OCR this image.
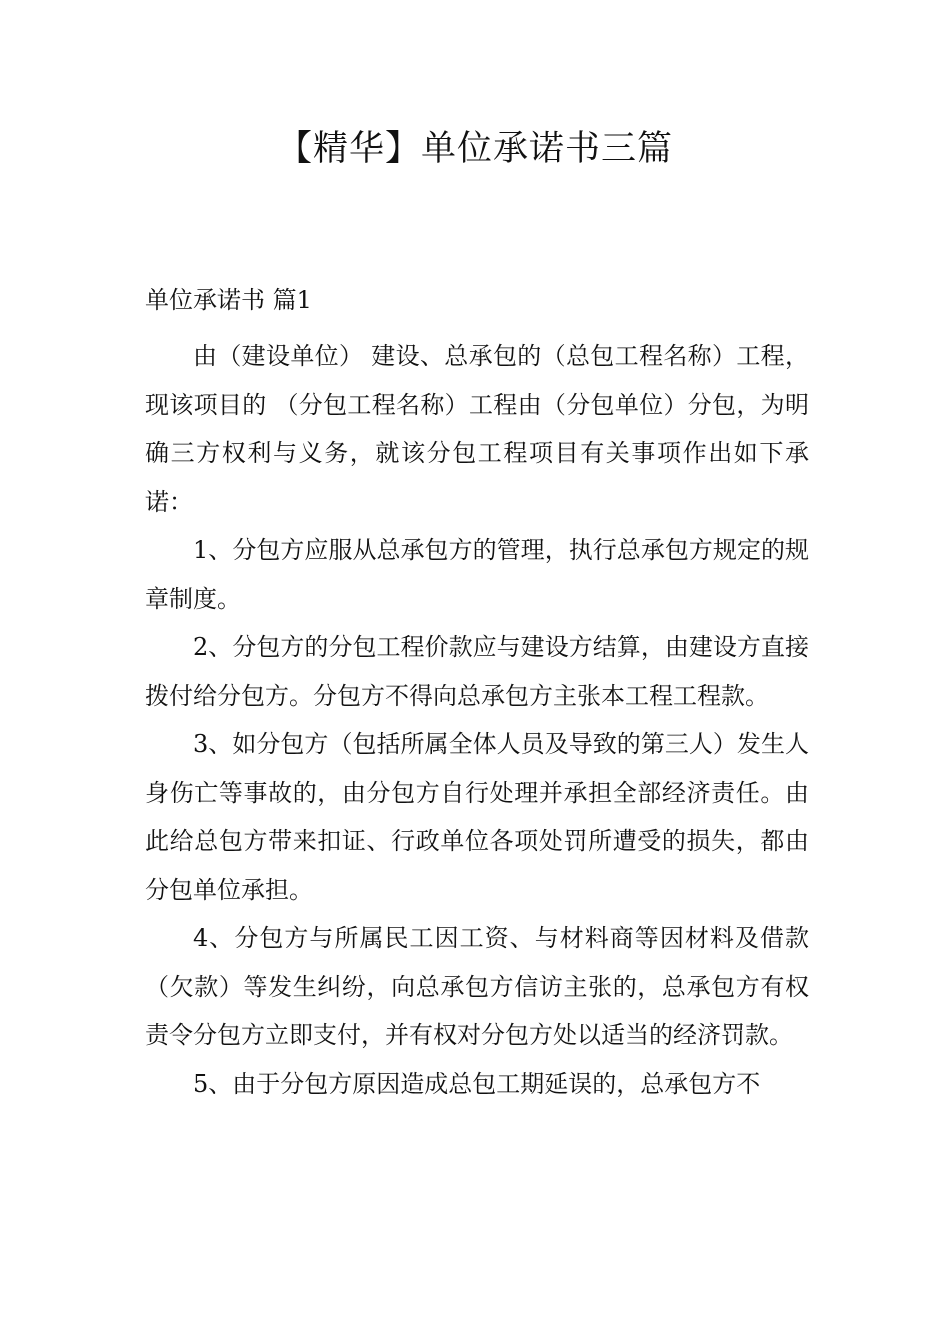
【精华】单位承诺书三篇
单位承诺书 篇1

由（建设单位） 建设、总承包的（总包工程名称）工程，现该项目的 （分包工程名称）工程由（分包单位）分包，为明确三方权利与义务，就该分包工程项目有关事项作出如下承诺：

1、分包方应服从总承包方的管理，执行总承包方规定的规章制度。

2、分包方的分包工程价款应与建设方结算，由建设方直接拨付给分包方。分包方不得向总承包方主张本工程工程款。

3、如分包方（包括所属全体人员及导致的第三人）发生人身伤亡等事故的，由分包方自行处理并承担全部经济责任。由此给总包方带来扣证、行政单位各项处罚所遭受的损失，都由分包单位承担。

4、分包方与所属民工因工资、与材料商等因材料及借款（欠款）等发生纠纷，向总承包方信访主张的，总承包方有权责令分包方立即支付，并有权对分包方处以适当的经济罚款。

5、由于分包方原因造成总包工期延误的，总承包方不
